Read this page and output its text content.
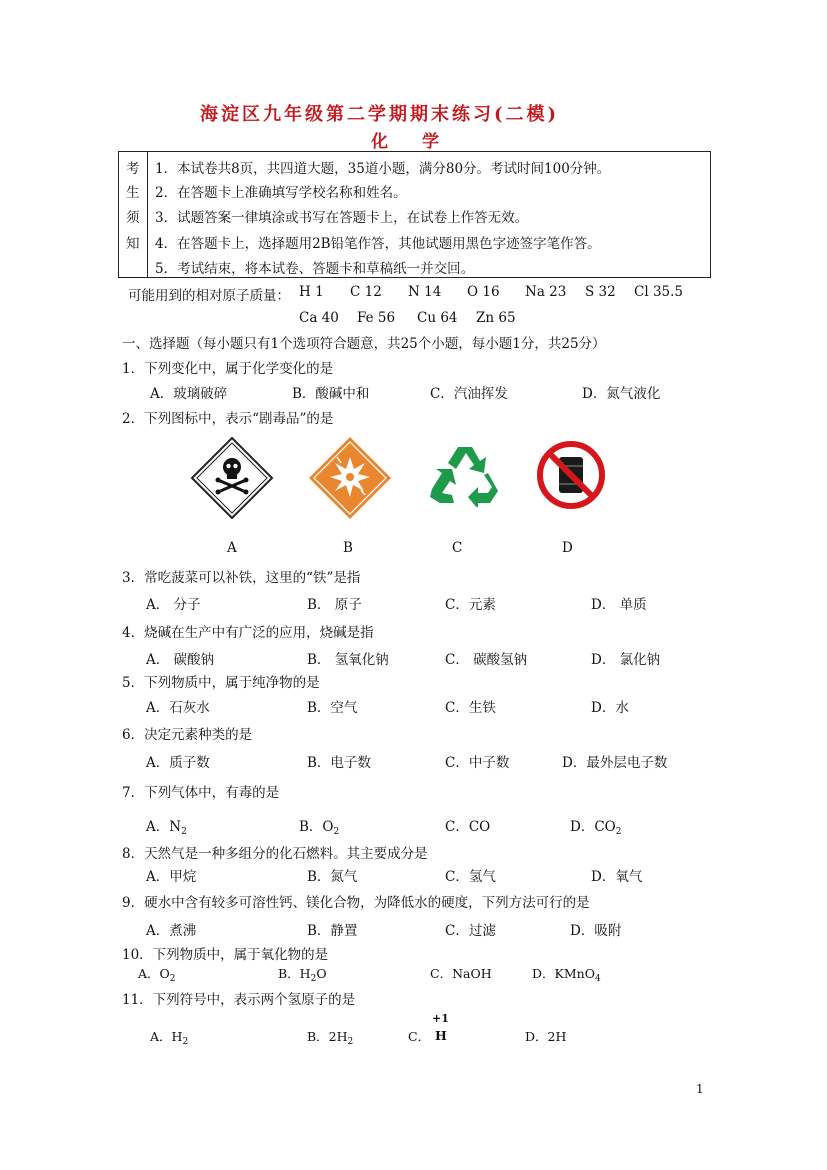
海淀区九年级第二学期期末练习(二模)
化　　学
考
生
须
知
1．本试卷共8页，共四道大题，35道小题，满分80分。考试时间100分钟。
2．在答题卡上准确填写学校名称和姓名。
3．试题答案一律填涂或书写在答题卡上，在试卷上作答无效。
4．在答题卡上，选择题用2B铅笔作答，其他试题用黑色字迹签字笔作答。
5．考试结束，将本试卷、答题卡和草稿纸一并交回。
可能用到的相对原子质量： H 1 C 12 N 14 O 16 Na 23 S 32 Cl 35.5
Ca 40 Fe 56 Cu 64 Zn 65
一、选择题（每小题只有1个选项符合题意，共25个小题，每小题1分，共25分）
1．下列变化中，属于化学变化的是
A．玻璃破碎	B．酸碱中和	C．汽油挥发	D．氮气液化
2．下列图标中，表示“剧毒品”的是
A	B	C	D
3．常吃菠菜可以补铁，这里的“铁”是指
A． 分子	B． 原子	C．元素	D． 单质
4．烧碱在生产中有广泛的应用，烧碱是指
A． 碳酸钠	B． 氢氧化钠	C． 碳酸氢钠	D． 氯化钠
5．下列物质中，属于纯净物的是
A．石灰水	B．空气	C．生铁	D．水
6．决定元素种类的是
A．质子数	B．电子数	C．中子数	D．最外层电子数
7．下列气体中，有毒的是
A．$N_2$	B．$O_2$	C．CO	D．$CO_2$
8．天然气是一种多组分的化石燃料。其主要成分是
A．甲烷	B．氮气	C．氢气	D．氧气
9．硬水中含有较多可溶性钙、镁化合物，为降低水的硬度，下列方法可行的是
A．煮沸	B．静置	C．过滤	D．吸附
10．下列物质中，属于氧化物的是
A．$O_2$	B．$H_2O$	C．NaOH	D．KMnO$_4$
11．下列符号中，表示两个氢原子的是
A．$H_2$	B．$2H_2$	C．
+1
H	D．2H
1
